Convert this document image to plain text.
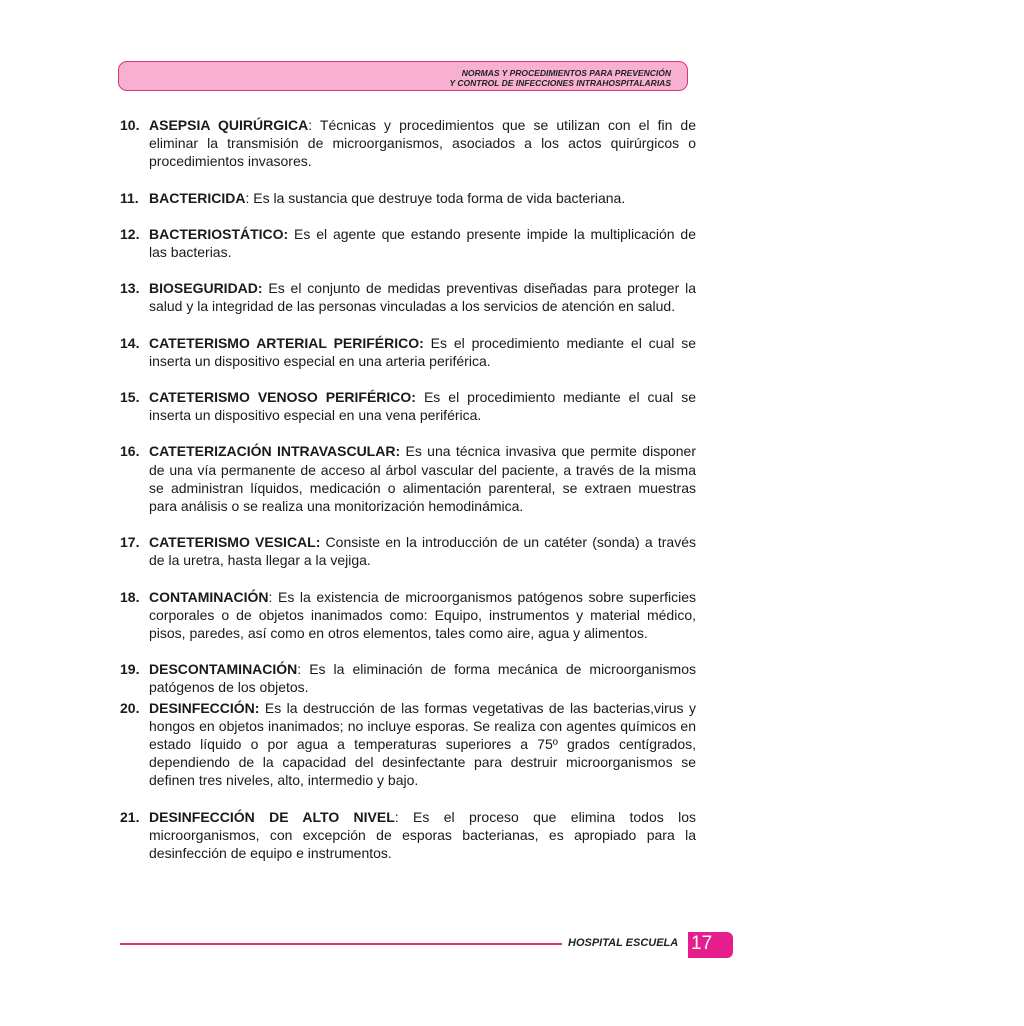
NORMAS Y PROCEDIMIENTOS PARA PREVENCIÓN
Y CONTROL DE INFECCIONES INTRAHOSPITALARIAS
10. ASEPSIA QUIRÚRGICA: Técnicas y procedimientos que se utilizan con el fin de eliminar la transmisión de microorganismos, asociados a los actos quirúrgicos o procedimientos invasores.
11. BACTERICIDA: Es la sustancia que destruye toda forma de vida bacteriana.
12. BACTERIOSTÁTICO: Es el agente que estando presente impide la multiplicación de las bacterias.
13. BIOSEGURIDAD: Es el conjunto de medidas preventivas diseñadas para proteger la salud y la integridad de las personas vinculadas a los servicios de atención en salud.
14. CATETERISMO ARTERIAL PERIFÉRICO: Es el procedimiento mediante el cual se inserta un dispositivo especial en una arteria periférica.
15. CATETERISMO VENOSO PERIFÉRICO: Es el procedimiento mediante el cual se inserta un dispositivo especial en una vena periférica.
16. CATETERIZACIÓN INTRAVASCULAR: Es una técnica invasiva que permite disponer de una vía permanente de acceso al árbol vascular del paciente, a través de la misma se administran líquidos, medicación o alimentación parenteral, se extraen muestras para análisis o se realiza una monitorización hemodinámica.
17. CATETERISMO VESICAL: Consiste en la introducción de un catéter (sonda) a través de la uretra, hasta llegar a la vejiga.
18. CONTAMINACIÓN: Es la existencia de microorganismos patógenos sobre superficies corporales o de objetos inanimados como: Equipo, instrumentos y material médico, pisos, paredes, así como en otros elementos, tales como aire, agua y alimentos.
19. DESCONTAMINACIÓN: Es la eliminación de forma mecánica de microorganismos patógenos de los objetos.
20. DESINFECCIÓN: Es la destrucción de las formas vegetativas de las bacterias,virus y hongos en objetos inanimados; no incluye esporas. Se realiza con agentes químicos en estado líquido o por agua a temperaturas superiores a 75º grados centígrados, dependiendo de la capacidad del desinfectante para destruir microorganismos se definen tres niveles, alto, intermedio y bajo.
21. DESINFECCIÓN DE ALTO NIVEL: Es el proceso que elimina todos los microorganismos, con excepción de esporas bacterianas, es apropiado para la desinfección de equipo e instrumentos.
HOSPITAL ESCUELA 17
